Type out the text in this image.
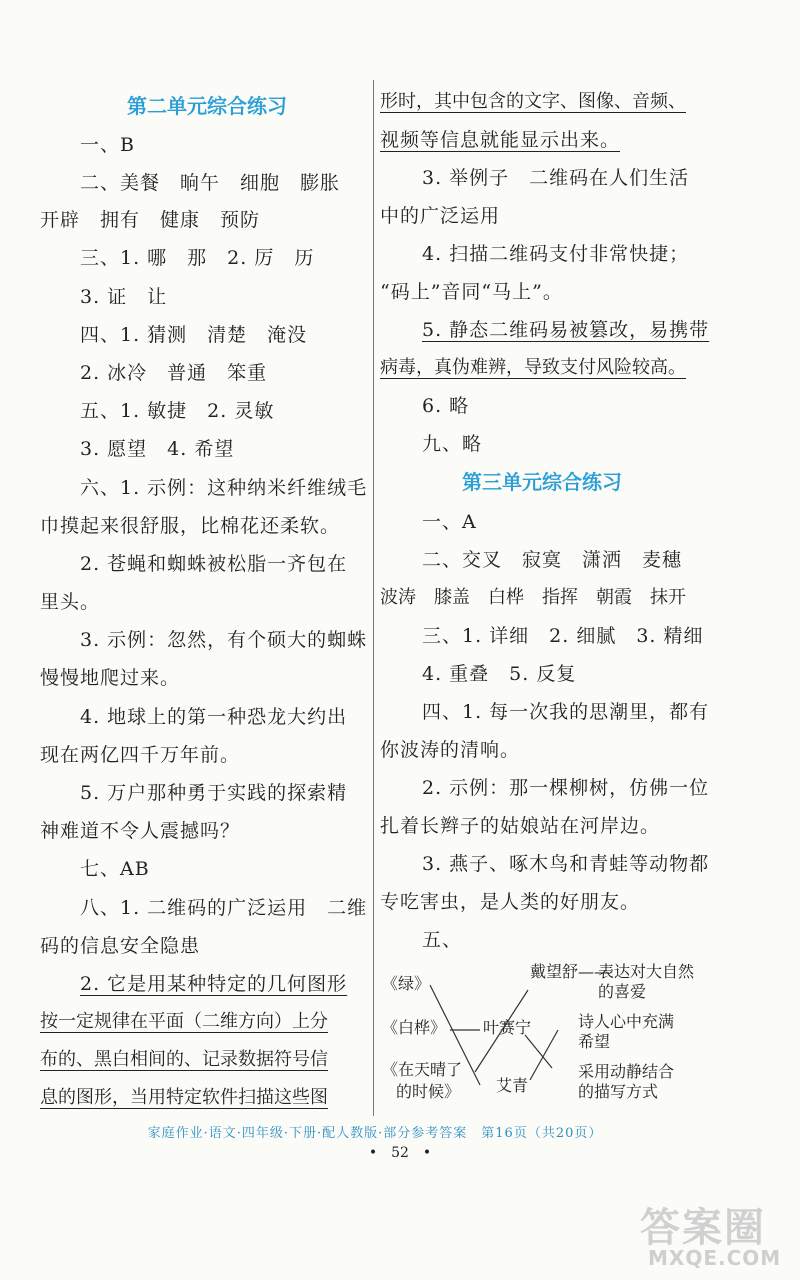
第二单元综合练习
一、B
二、美餐　晌午　细胞　膨胀
开辟　拥有　健康　预防
三、1. 哪　那　2. 厉　历
3. 证　让
四、1. 猜测　清楚　淹没
2. 冰冷　普通　笨重
五、1. 敏捷　2. 灵敏
3. 愿望　4. 希望
六、1. 示例：这种纳米纤维绒毛
巾摸起来很舒服，比棉花还柔软。
2. 苍蝇和蜘蛛被松脂一齐包在
里头。
3. 示例：忽然，有个硕大的蜘蛛
慢慢地爬过来。
4. 地球上的第一种恐龙大约出
现在两亿四千万年前。
5. 万户那种勇于实践的探索精
神难道不令人震撼吗？
七、AB
八、1. 二维码的广泛运用　二维
码的信息安全隐患
2. 它是用某种特定的几何图形
按一定规律在平面（二维方向）上分
布的、黑白相间的、记录数据符号信
息的图形，当用特定软件扫描这些图
形时，其中包含的文字、图像、音频、
视频等信息就能显示出来。
3. 举例子　二维码在人们生活
中的广泛运用
4. 扫描二维码支付非常快捷；
“码上”音同“马上”。
5. 静态二维码易被篡改，易携带
病毒，真伪难辨，导致支付风险较高。
6. 略
九、略
第三单元综合练习
一、A
二、交叉　寂寞　潇洒　麦穗
波涛　膝盖　白桦　指挥　朝霞　抹开
三、1. 详细　2. 细腻　3. 精细
4. 重叠　5. 反复
四、1. 每一次我的思潮里，都有
你波涛的清响。
2. 示例：那一棵柳树，仿佛一位
扎着长辫子的姑娘站在河岸边。
3. 燕子、啄木鸟和青蛙等动物都
专吃害虫，是人类的好朋友。
五、
《绿》
《白桦》
《在天晴了
的时候》
戴望舒——
叶赛宁
艾青
表达对大自然
的喜爱
诗人心中充满
希望
采用动静结合
的描写方式
家庭作业·语文·四年级·下册·配人教版·部分参考答案　第16页（共20页）
•　52　•
答案圈
MXQE.COM
